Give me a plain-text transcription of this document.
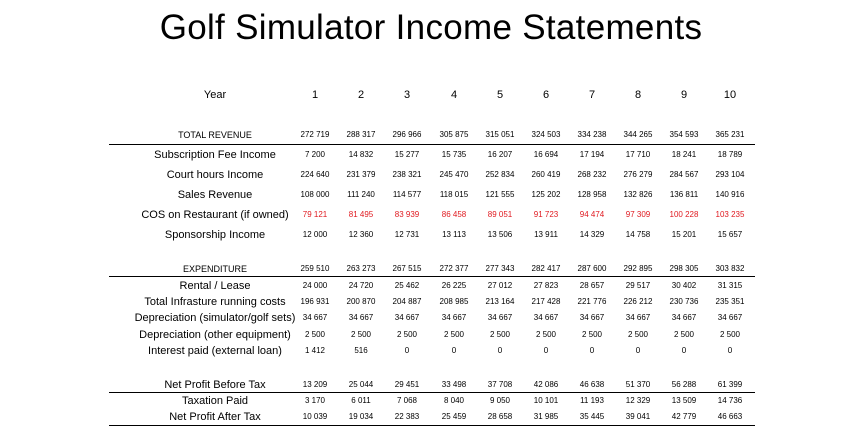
Golf Simulator Income Statements
Year	1	2	3	4	5	6	7	8	9	10
TOTAL REVENUE	272 719	288 317	296 966	305 875	315 051	324 503	334 238	344 265	354 593	365 231
Subscription Fee Income	7 200	14 832	15 277	15 735	16 207	16 694	17 194	17 710	18 241	18 789
Court hours Income	224 640	231 379	238 321	245 470	252 834	260 419	268 232	276 279	284 567	293 104
Sales Revenue	108 000	111 240	114 577	118 015	121 555	125 202	128 958	132 826	136 811	140 916
COS on Restaurant (if owned)	79 121	81 495	83 939	86 458	89 051	91 723	94 474	97 309	100 228	103 235
Sponsorship Income	12 000	12 360	12 731	13 113	13 506	13 911	14 329	14 758	15 201	15 657
EXPENDITURE	259 510	263 273	267 515	272 377	277 343	282 417	287 600	292 895	298 305	303 832
Rental / Lease	24 000	24 720	25 462	26 225	27 012	27 823	28 657	29 517	30 402	31 315
Total Infrasture running costs	196 931	200 870	204 887	208 985	213 164	217 428	221 776	226 212	230 736	235 351
Depreciation (simulator/golf sets) 34 667	34 667	34 667	34 667	34 667	34 667	34 667	34 667	34 667	34 667
Depreciation (other equipment)	2 500	2 500	2 500	2 500	2 500	2 500	2 500	2 500	2 500	2 500
Interest paid (external loan)	1 412	516	0	0	0	0	0	0	0	0
Net Profit Before Tax	13 209	25 044	29 451	33 498	37 708	42 086	46 638	51 370	56 288	61 399
Taxation Paid	3 170	6 011	7 068	8 040	9 050	10 101	11 193	12 329	13 509	14 736
Net Profit After Tax	10 039	19 034	22 383	25 459	28 658	31 985	35 445	39 041	42 779	46 663
